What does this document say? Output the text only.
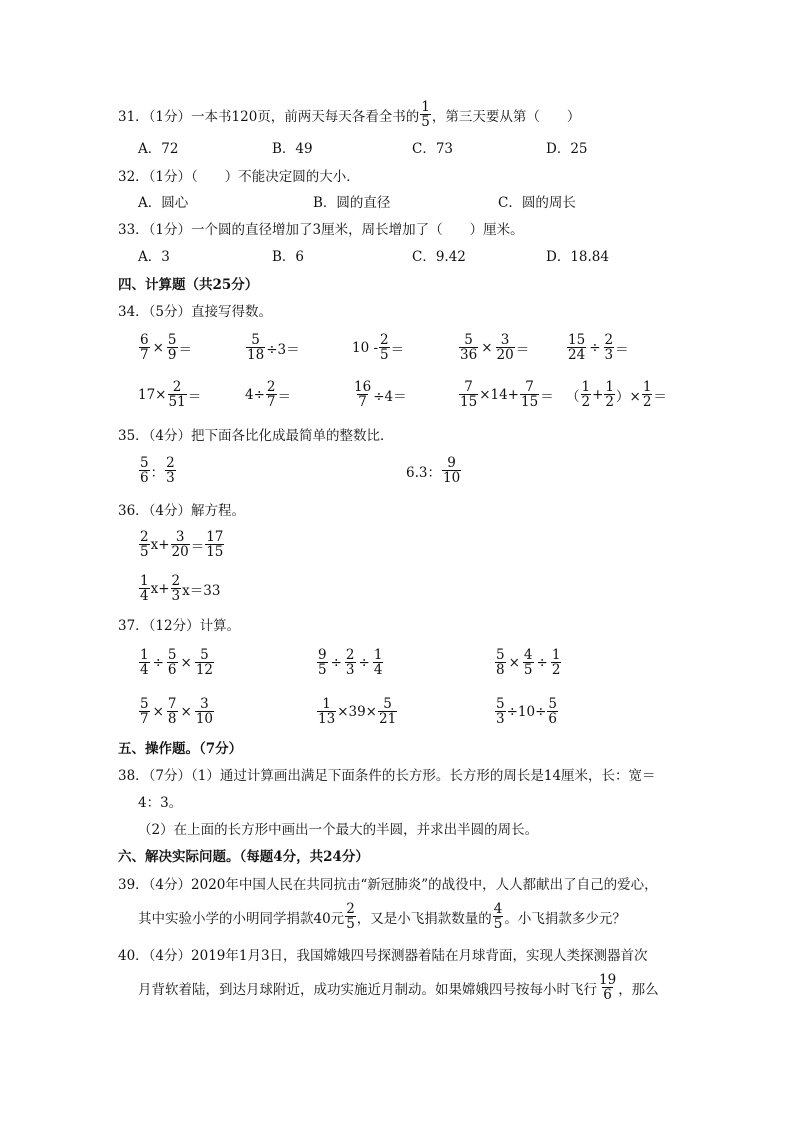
31．（1分）一本书120页，前两天每天各看全书的 $\frac{1}{5}$ ，第三天要从第（　　）
A．72	B．49	C．73	D．25
32．（1分）（　　）不能决定圆的大小．
A．圆心	B．圆的直径	C．圆的周长
33．（1分）一个圆的直径增加了3厘米，周长增加了（　　）厘米。
A．3	B．6	C．9.42	D．18.84
四、计算题（共25分）
34．（5分）直接写得数。
$\frac{6}{7} \times \frac{5}{9}$ ＝	$\frac{5}{18} \div 3=$	$10 - \frac{2}{5}$ ＝	$\frac{5}{36} \times \frac{3}{20}$ ＝	$\frac{15}{24} \div \frac{2}{3}$ ＝
$17\times \frac{2}{51}$ ＝	$4\div \frac{2}{7}$ ＝	$\frac{16}{7} \div 4=$	$\frac{7}{15} \times 14+ \frac{7}{15}$ ＝ （ $\frac{1}{2} + \frac{1}{2}$ ）× $\frac{1}{2}$ ＝
35．（4分）把下面各比化成最简单的整数比．
$\frac{5}{6}$ ： $\frac{2}{3}$	6.3： $\frac{9}{10}$
36．（4分）解方程。
$\frac{2}{5} x+ \frac{3}{20} = \frac{17}{15}$
$\frac{1}{4} x+ \frac{2}{3} x=33$
37．（12分）计算。
$\frac{1}{4} \div \frac{5}{6} \times \frac{5}{12}$	$\frac{9}{5} \div \frac{2}{3} \div \frac{1}{4}$	$\frac{5}{8} \times \frac{4}{5} \div \frac{1}{2}$
$\frac{5}{7} \times \frac{7}{8} \times \frac{3}{10}$	$\frac{1}{13} \times 39\times \frac{5}{21}$	$\frac{5}{3} \div 10\div \frac{5}{6}$
五、操作题。（7分）
38．（7分）（1）通过计算画出满足下面条件的长方形。长方形的周长是14厘米，长：宽＝
4：3。
（2）在上面的长方形中画出一个最大的半圆，并求出半圆的周长。
六、解决实际问题。（每题4分，共24分）
39．（4分）2020年中国人民在共同抗击“新冠肺炎”的战役中，人人都献出了自己的爱心，
其中实验小学的小明同学捐款40元 $\frac{2}{5}$ ，又是小飞捐款数量的 $\frac{4}{5}$ 。小飞捐款多少元？
40．（4分）2019年1月3日，我国嫦娥四号探测器着陆在月球背面，实现人类探测器首次
月背软着陆，到达月球附近，成功实施近月制动。如果嫦娥四号按每小时飞行 $\frac{19}{6}$ ，那么
